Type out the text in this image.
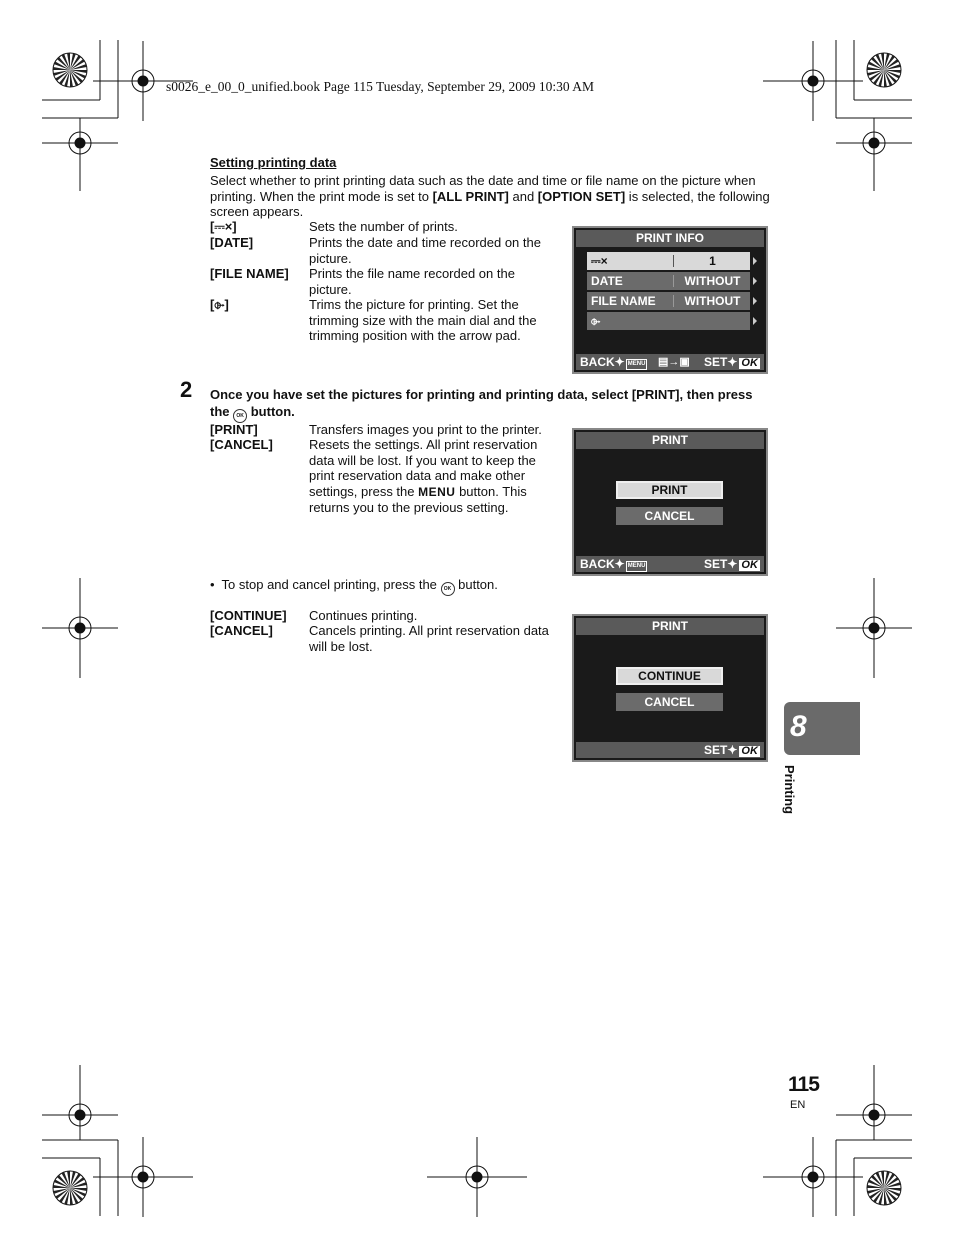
s0026_e_00_0_unified.book Page 115 Tuesday, September 29, 2009 10:30 AM
Setting printing data
Select whether to print printing data such as the date and time or file name on the picture when printing. When the print mode is set to [ALL PRINT] and [OPTION SET] is selected, the following screen appears.
[⎓×]	Sets the number of prints.
[DATE]	Prints the date and time recorded on the picture.
[FILE NAME]	Prints the file name recorded on the picture.
[⌱]	Trims the picture for printing. Set the trimming size with the main dial and the trimming position with the arrow pad.
PRINT INFO
⎓×	1
DATE	WITHOUT
FILE NAME	WITHOUT
⌱
BACK✦ MENU ▤→▣ SET✦ OK
2 Once you have set the pictures for printing and printing data, select [PRINT], then press the OK button.
[PRINT]	Transfers images you print to the printer.
[CANCEL]	Resets the settings. All print reservation data will be lost. If you want to keep the print reservation data and make other settings, press the MENU button. This returns you to the previous setting.
PRINT
PRINT
CANCEL
BACK✦ MENU	SET✦ OK
•  To stop and cancel printing, press the OK button.
[CONTINUE]	Continues printing.
[CANCEL]	Cancels printing. All print reservation data will be lost.
PRINT
CONTINUE
CANCEL
SET✦ OK
8
Printing
115
EN
